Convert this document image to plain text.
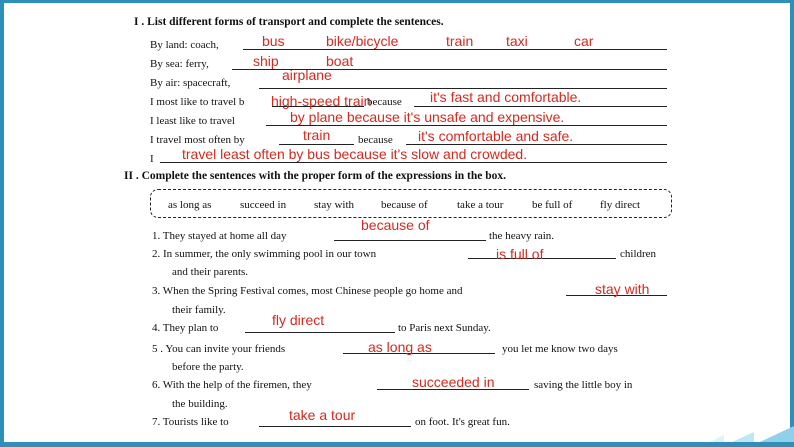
I . List different forms of transport and complete the sentences.
By land: coach,	bus	bike/bicycle	train taxi	car
By sea: ferry,	ship	boat
By air: spacecraft,	airplane
I most like to travel b	because
high-speed train	it's fast and comfortable.
I least like to travel	by plane because it's unsafe and expensive.
I travel most often by	because
train	it's comfortable and safe.
I travel least often by bus because it's slow and crowded.
II . Complete the sentences with the proper form of the expressions in the box.
as long as	succeed in	stay with because of	take a tour	be full of	fly direct
because of
1. They stayed at home all day	the heavy rain.
2. In summer, the only swimming pool in our town	is full of	children
and their parents.
3. When the Spring Festival comes, most Chinese people go home and	stay with
their family.
fly direct
4. They plan to	to Paris next Sunday.
5 . You can invite your friends	as long as	you let me know two days
before the party.
6. With the help of the firemen, they	succeeded in	saving the little boy in
the building.
take a tour
7. Tourists like to	on foot. It's great fun.
